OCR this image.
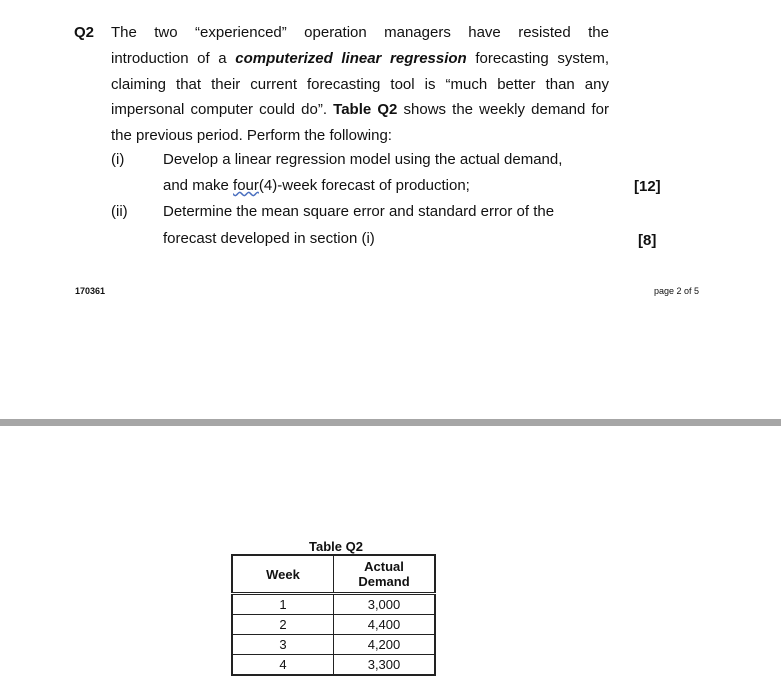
Q2 The two “experienced” operation managers have resisted the
introduction of a computerized linear regression forecasting system,
claiming that their current forecasting tool is “much better than any
impersonal computer could do”. Table Q2 shows the weekly demand for
the previous period. Perform the following:
(i)	Develop a linear regression model using the actual demand,
and make four(4)-week forecast of production;	[12]
(ii) Determine the mean square error and standard error of the
forecast developed in section (i)	[8]
170361	page 2 of 5
Table Q2
Week	Actual
Demand
1	3,000
2	4,400
3	4,200
4	3,300
